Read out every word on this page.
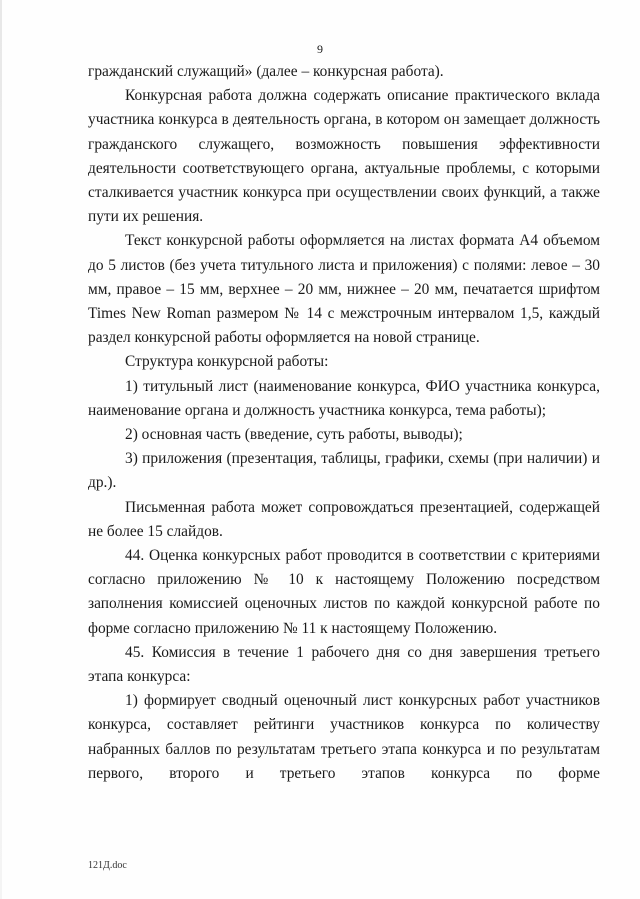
9

гражданский служащий» (далее – конкурсная работа).

Конкурсная работа должна содержать описание практического вклада участника конкурса в деятельность органа, в котором он замещает должность гражданского служащего, возможность повышения эффективности деятельности соответствующего органа, актуальные проблемы, с которыми сталкивается участник конкурса при осуществлении своих функций, а также пути их решения.

Текст конкурсной работы оформляется на листах формата А4 объемом до 5 листов (без учета титульного листа и приложения) с полями: левое – 30 мм, правое – 15 мм, верхнее – 20 мм, нижнее – 20 мм, печатается шрифтом Times New Roman размером № 14 с межстрочным интервалом 1,5, каждый раздел конкурсной работы оформляется на новой странице.

Структура конкурсной работы:

1) титульный лист (наименование конкурса, ФИО участника конкурса, наименование органа и должность участника конкурса, тема работы);

2) основная часть (введение, суть работы, выводы);

3) приложения (презентация, таблицы, графики, схемы (при наличии) и др.).

Письменная работа может сопровождаться презентацией, содержащей не более 15 слайдов.

44. Оценка конкурсных работ проводится в соответствии с критериями согласно приложению № 10 к настоящему Положению посредством заполнения комиссией оценочных листов по каждой конкурсной работе по форме согласно приложению № 11 к настоящему Положению.

45. Комиссия в течение 1 рабочего дня со дня завершения третьего этапа конкурса:

1) формирует сводный оценочный лист конкурсных работ участников конкурса, составляет рейтинги участников конкурса по количеству набранных баллов по результатам третьего этапа конкурса и по результатам первого, второго и третьего этапов конкурса по форме

121Д.doc
